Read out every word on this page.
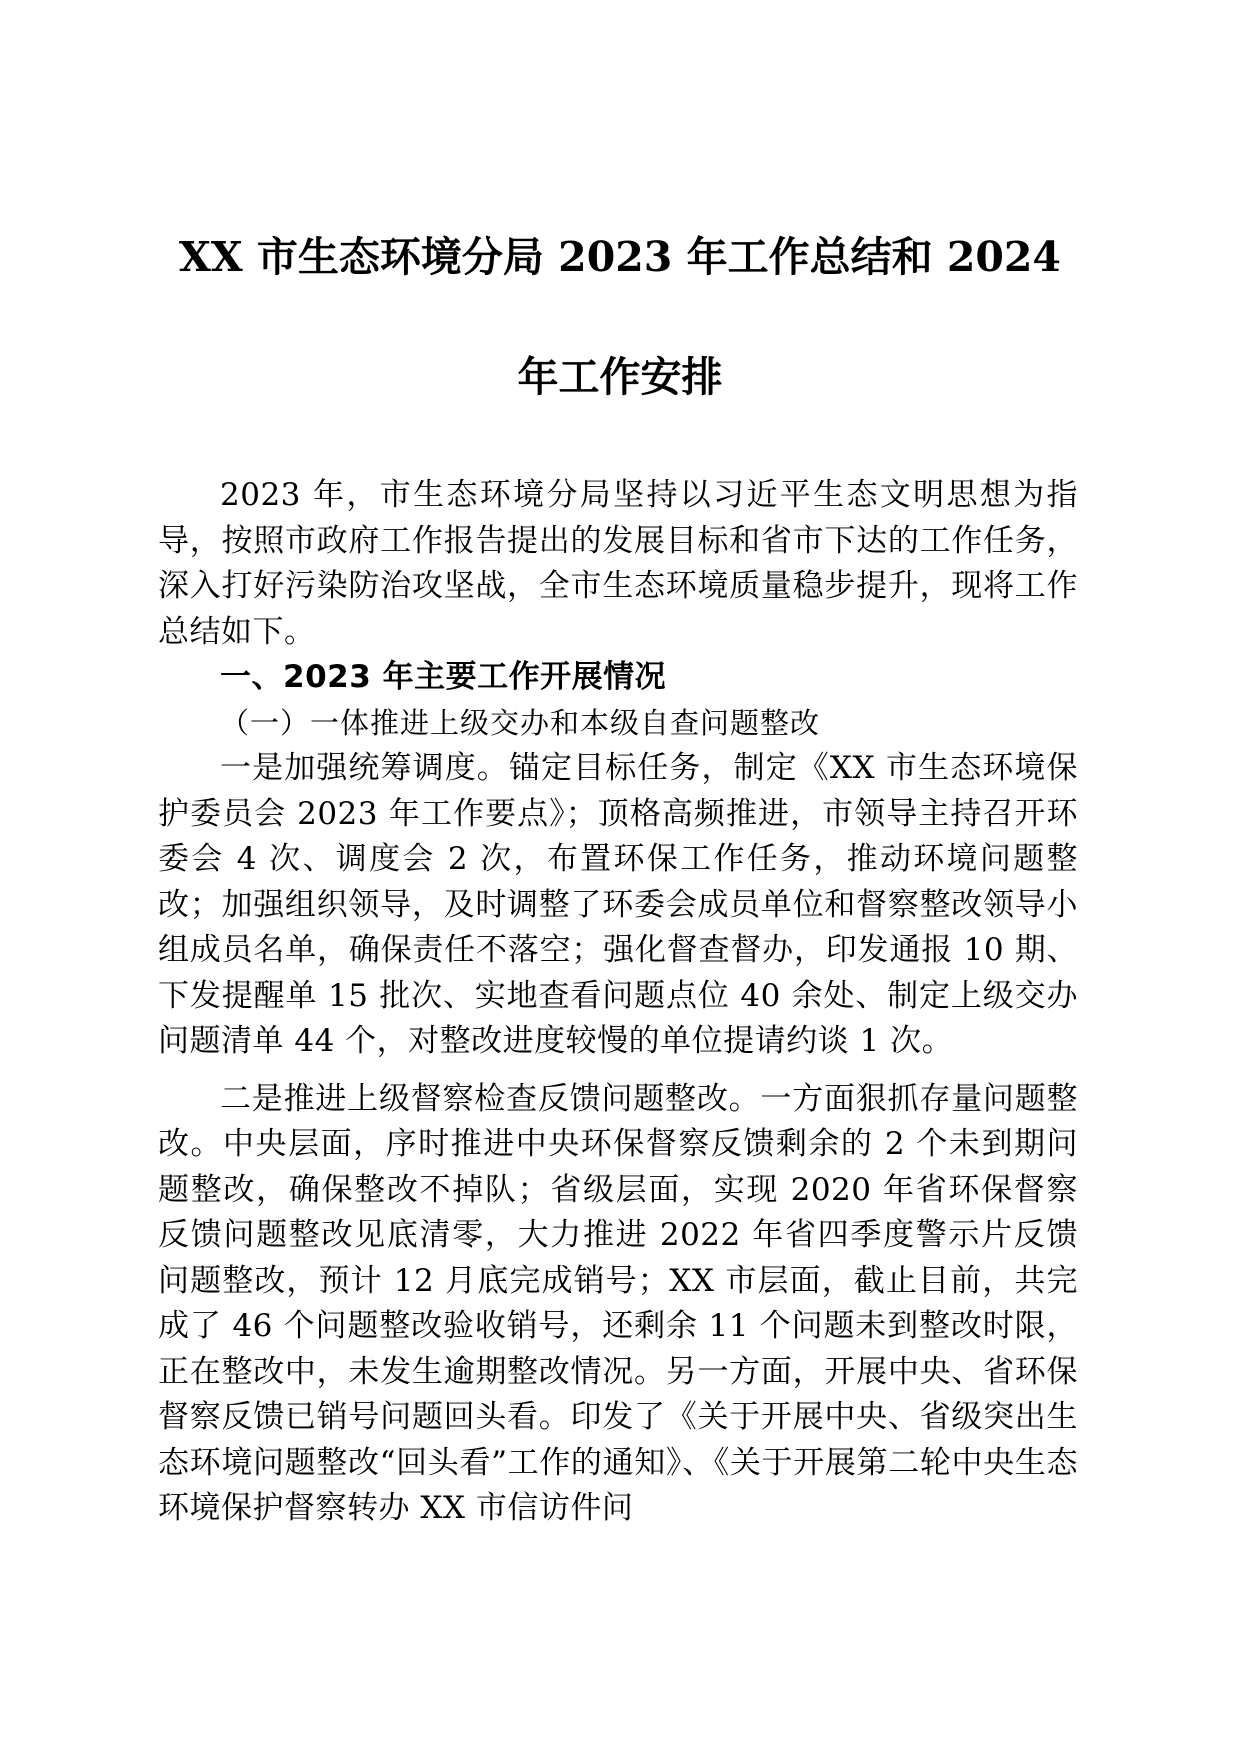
XX 市生态环境分局 2023 年工作总结和 2024
年工作安排

2023 年，市生态环境分局坚持以习近平生态文明思想为指导，按照市政府工作报告提出的发展目标和省市下达的工作任务，深入打好污染防治攻坚战，全市生态环境质量稳步提升，现将工作总结如下。

一、2023 年主要工作开展情况

（一）一体推进上级交办和本级自查问题整改

一是加强统筹调度。锚定目标任务，制定《XX 市生态环境保护委员会 2023 年工作要点》；顶格高频推进，市领导主持召开环委会 4 次、调度会 2 次，布置环保工作任务，推动环境问题整改；加强组织领导，及时调整了环委会成员单位和督察整改领导小组成员名单，确保责任不落空；强化督查督办，印发通报 10 期、下发提醒单 15 批次、实地查看问题点位 40 余处、制定上级交办问题清单 44 个，对整改进度较慢的单位提请约谈 1 次。

二是推进上级督察检查反馈问题整改。一方面狠抓存量问题整改。中央层面，序时推进中央环保督察反馈剩余的 2 个未到期问题整改，确保整改不掉队；省级层面，实现 2020 年省环保督察反馈问题整改见底清零，大力推进 2022 年省四季度警示片反馈问题整改，预计 12 月底完成销号；XX 市层面，截止目前，共完成了 46 个问题整改验收销号，还剩余 11 个问题未到整改时限，正在整改中，未发生逾期整改情况。另一方面，开展中央、省环保督察反馈已销号问题回头看。印发了《关于开展中央、省级突出生态环境问题整改“回头看”工作的通知》、《关于开展第二轮中央生态环境保护督察转办 XX 市信访件问
